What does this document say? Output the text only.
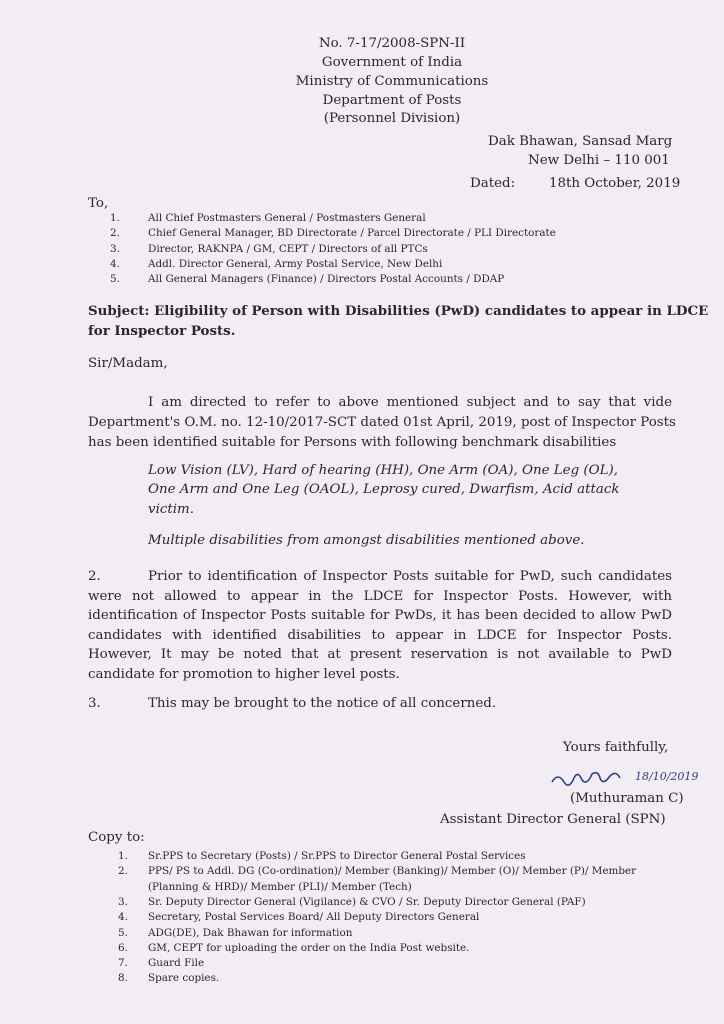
No. 7-17/2008-SPN-II
Government of India
Ministry of Communications
Department of Posts
(Personnel Division)
Dak Bhawan, Sansad Marg
New Delhi – 110 001
Dated:	18th October, 2019
To,
1.	All Chief Postmasters General / Postmasters General
2.	Chief General Manager, BD Directorate / Parcel Directorate / PLI Directorate
3.	Director, RAKNPA / GM, CEPT / Directors of all PTCs
4.	Addl. Director General, Army Postal Service, New Delhi
5.	All General Managers (Finance) / Directors Postal Accounts / DDAP
Subject: Eligibility of Person with Disabilities (PwD) candidates to appear in LDCE
for Inspector Posts.
Sir/Madam,
I am directed to refer to above mentioned subject and to say that vide
Department's O.M. no. 12-10/2017-SCT dated 01st April, 2019, post of Inspector Posts
has been identified suitable for Persons with following benchmark disabilities
Low Vision (LV), Hard of hearing (HH), One Arm (OA), One Leg (OL),
One Arm and One Leg (OAOL), Leprosy cured, Dwarfism, Acid attack
victim.
Multiple disabilities from amongst disabilities mentioned above.
2.	Prior to identification of Inspector Posts suitable for PwD, such candidates
were not allowed to appear in the LDCE for Inspector Posts. However, with
identification of Inspector Posts suitable for PwDs, it has been decided to allow PwD
candidates with identified disabilities to appear in LDCE for Inspector Posts.
However, It may be noted that at present reservation is not available to PwD
candidate for promotion to higher level posts.
3.	This may be brought to the notice of all concerned.
Yours faithfully,
18/10/2019
(Muthuraman C)
Assistant Director General (SPN)
Copy to:
1. Sr.PPS to Secretary (Posts) / Sr.PPS to Director General Postal Services
2. PPS/ PS to Addl. DG (Co-ordination)/ Member (Banking)/ Member (O)/ Member (P)/ Member
(Planning & HRD)/ Member (PLI)/ Member (Tech)
3. Sr. Deputy Director General (Vigilance) & CVO / Sr. Deputy Director General (PAF)
4. Secretary, Postal Services Board/ All Deputy Directors General
5. ADG(DE), Dak Bhawan for information
6. GM, CEPT for uploading the order on the India Post website.
7. Guard File
8. Spare copies.
